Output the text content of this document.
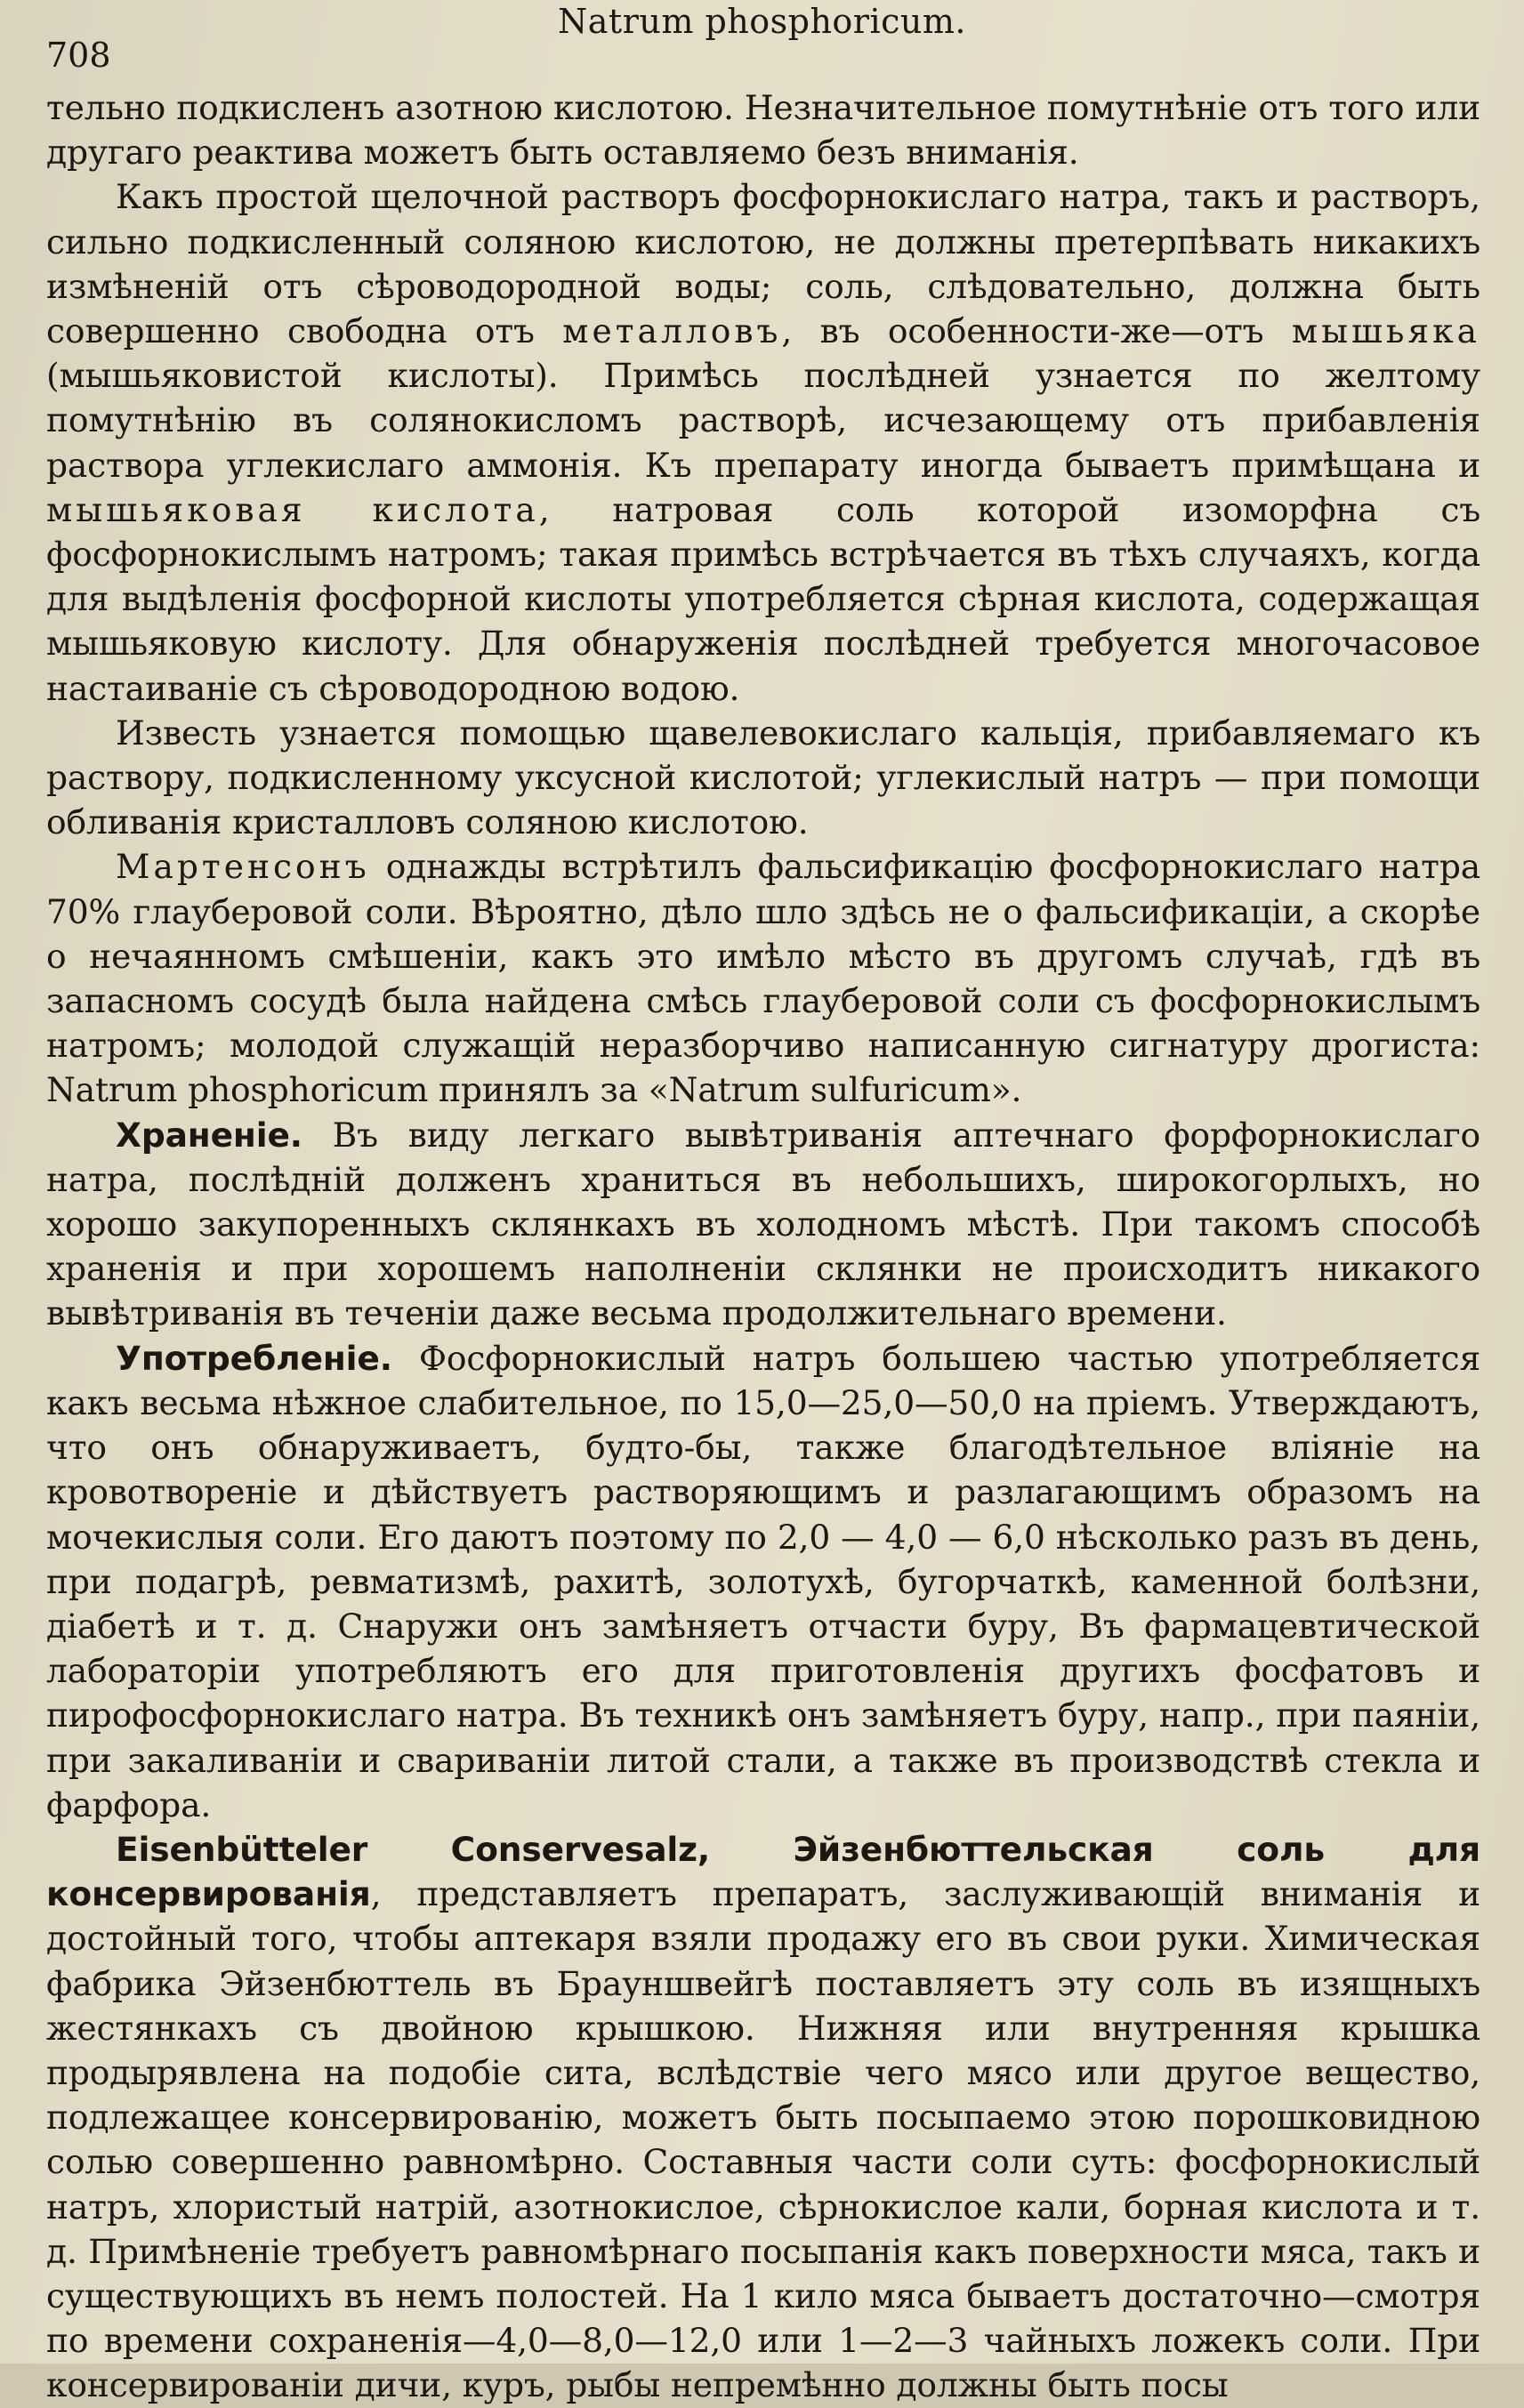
Natrum phosphoricum.
708

тельно подкисленъ азотною кислотою. Незначительное помутнѣніе отъ того или другаго реактива можетъ быть оставляемо безъ вниманія.

Какъ простой щелочной растворъ фосфорнокислаго натра, такъ и растворъ, сильно подкисленный соляною кислотою, не должны претерпѣвать никакихъ измѣненій отъ сѣроводородной воды; соль, слѣдовательно, должна быть совершенно свободна отъ металловъ, въ особенности-же—отъ мышьяка (мышьяковистой кислоты). Примѣсь послѣдней узнается по желтому помутнѣнію въ солянокисломъ растворѣ, исчезающему отъ прибавленія раствора углекислаго аммонія. Къ препарату иногда бываетъ примѣщана и мышьяковая кислота, натровая соль которой изоморфна съ фосфорнокислымъ натромъ; такая примѣсь встрѣчается въ тѣхъ случаяхъ, когда для выдѣленія фосфорной кислоты употребляется сѣрная кислота, содержащая мышьяковую кислоту. Для обнаруженія послѣдней требуется многочасовое настаиваніе съ сѣроводородною водою.

Известь узнается помощью щавелевокислаго кальція, прибавляемаго къ раствору, подкисленному уксусной кислотой; углекислый натръ — при помощи обливанія кристалловъ соляною кислотою.

Мартенсонъ однажды встрѣтилъ фальсификацію фосфорнокислаго натра 70% глауберовой соли. Вѣроятно, дѣло шло здѣсь не о фальсификаціи, а скорѣе о нечаянномъ смѣшеніи, какъ это имѣло мѣсто въ другомъ случаѣ, гдѣ въ запасномъ сосудѣ была найдена смѣсь глауберовой соли съ фосфорнокислымъ натромъ; молодой служащій неразборчиво написанную сигнатуру дрогиста: Natrum phosphoricum принялъ за «Natrum sulfuricum».

Храненіе. Въ виду легкаго вывѣтриванія аптечнаго форфорнокислаго натра, послѣдній долженъ храниться въ небольшихъ, широкогорлыхъ, но хорошо закупоренныхъ склянкахъ въ холодномъ мѣстѣ. При такомъ способѣ храненія и при хорошемъ наполненіи склянки не происходитъ никакого вывѣтриванія въ теченіи даже весьма продолжительнаго времени.

Употребленіе. Фосфорнокислый натръ большею частью употребляется какъ весьма нѣжное слабительное, по 15,0—25,0—50,0 на пріемъ. Утверждаютъ, что онъ обнаруживаетъ, будто-бы, также благодѣтельное вліяніе на кровотвореніе и дѣйствуетъ растворяющимъ и разлагающимъ образомъ на мочекислыя соли. Его даютъ поэтому по 2,0 — 4,0 — 6,0 нѣсколько разъ въ день, при подагрѣ, ревматизмѣ, рахитѣ, золотухѣ, бугорчаткѣ, каменной болѣзни, діабетѣ и т. д. Снаружи онъ замѣняетъ отчасти буру, Въ фармацевтической лабораторіи употребляютъ его для приготовленія другихъ фосфатовъ и пирофосфорнокислаго натра. Въ техникѣ онъ замѣняетъ буру, напр., при паяніи, при закаливаніи и свариваніи литой стали, а также въ производствѣ стекла и фарфора.

Eisenbütteler Conservesalz, Эйзенбюттельская соль для консервированія, представляетъ препаратъ, заслуживающій вниманія и достойный того, чтобы аптекаря взяли продажу его въ свои руки. Химическая фабрика Эйзенбюттель въ Брауншвейгѣ поставляетъ эту соль въ изящныхъ жестянкахъ съ двойною крышкою. Нижняя или внутренняя крышка продырявлена на подобіе сита, вслѣдствіе чего мясо или другое вещество, подлежащее консервированію, можетъ быть посыпаемо этою порошковидною солью совершенно равномѣрно. Составныя части соли суть: фосфорнокислый натръ, хлористый натрій, азотнокислое, сѣрнокислое кали, борная кислота и т. д. Примѣненіе требуетъ равномѣрнаго посыпанія какъ поверхности мяса, такъ и существующихъ въ немъ полостей. На 1 кило мяса бываетъ достаточно—смотря по времени сохраненія—4,0—8,0—12,0 или 1—2—3 чайныхъ ложекъ соли. При консервированіи дичи, куръ, рыбы непремѣнно должны быть посы
